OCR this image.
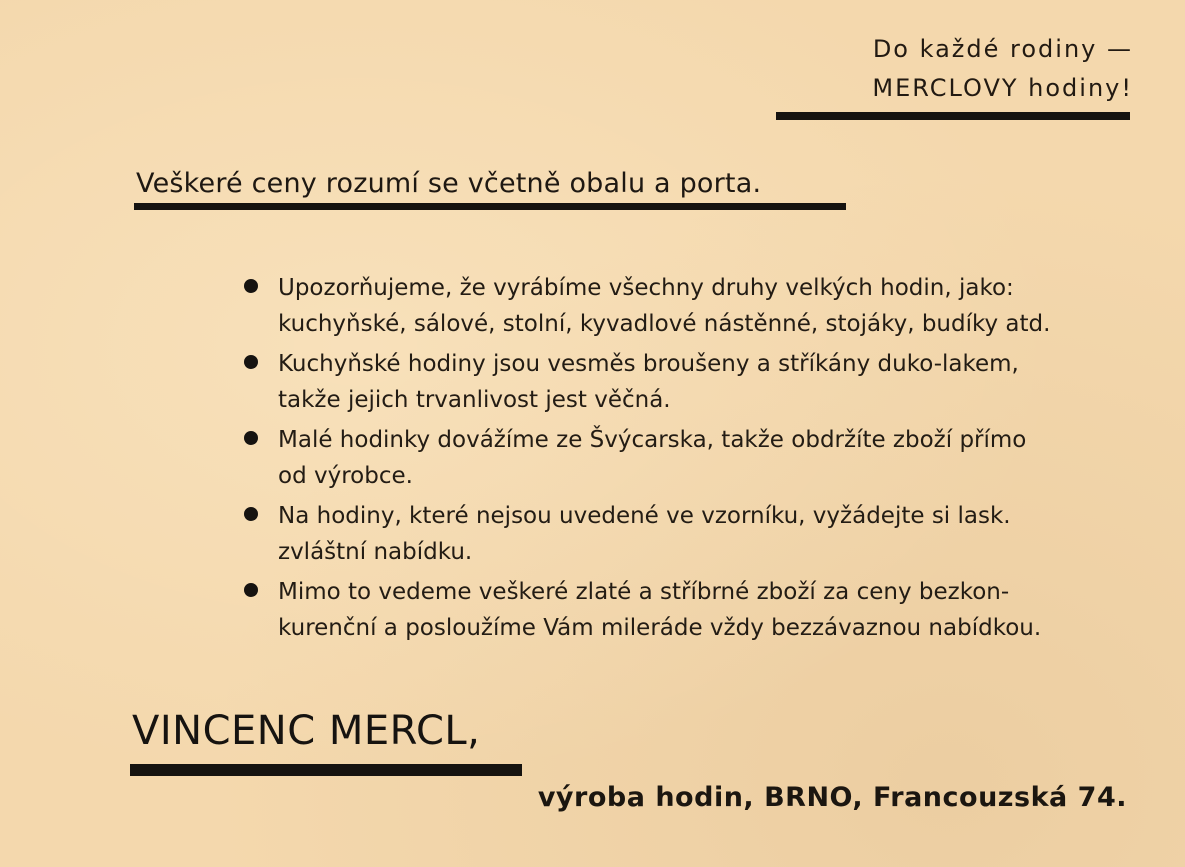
Do každé rodiny —
MERCLOVY hodiny!
Veškeré ceny rozumí se včetně obalu a porta.
Upozorňujeme, že vyrábíme všechny druhy velkých hodin, jako:
kuchyňské, sálové, stolní, kyvadlové nástěnné, stojáky, budíky atd.
Kuchyňské hodiny jsou vesměs broušeny a stříkány duko-lakem,
takže jejich trvanlivost jest věčná.
Malé hodinky dovážíme ze Švýcarska, takže obdržíte zboží přímo
od výrobce.
Na hodiny, které nejsou uvedené ve vzorníku, vyžádejte si lask.
zvláštní nabídku.
Mimo to vedeme veškeré zlaté a stříbrné zboží za ceny bezkon-
kurenční a posloužíme Vám mileráde vždy bezzávaznou nabídkou.
VINCENC MERCL,
výroba hodin, BRNO, Francouzská 74.
